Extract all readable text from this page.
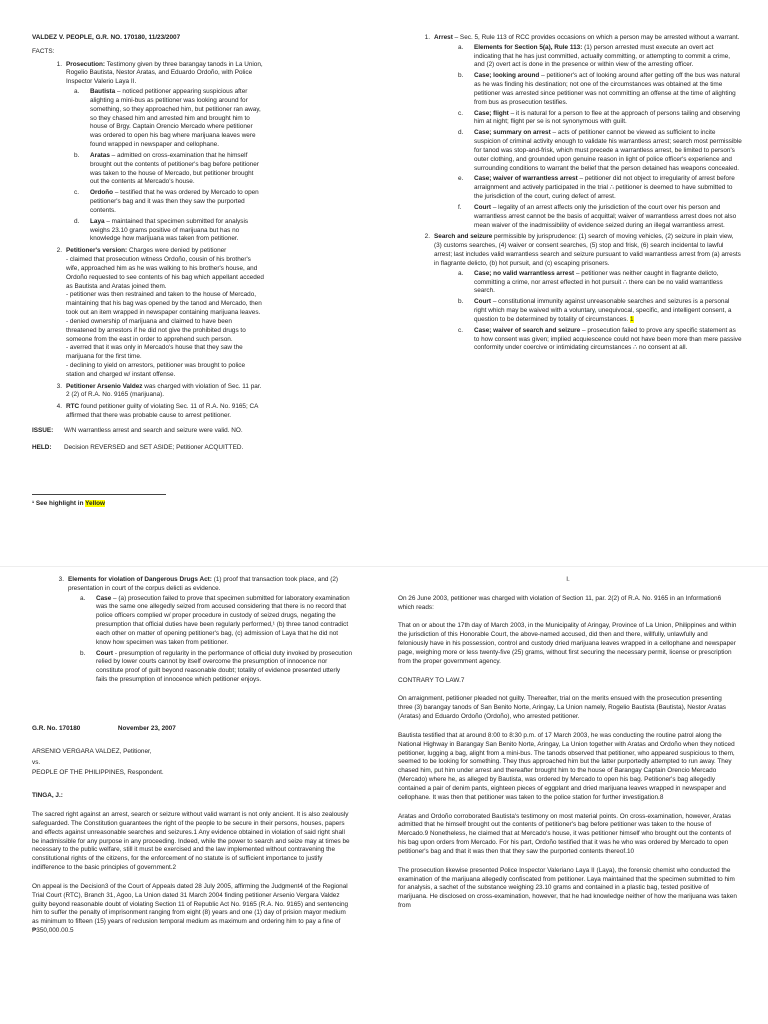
VALDEZ V. PEOPLE, G.R. NO. 170180, 11/23/2007

FACTS:

1. Prosecution: Testimony given by three barangay tanods in La Union, Rogelio Bautista, Nestor Aratas, and Eduardo Ordoño, with Police Inspector Valerio Laya II.
a. Bautista – noticed petitioner appearing suspicious after alighting a mini-bus as petitioner was looking around for something, so they approached him, but petitioner ran away, so they chased him and arrested him and brought him to house of Brgy. Captain Orencio Mercado where petitioner was ordered to open his bag where marijuana leaves were found wrapped in newspaper and cellophane.
b. Aratas – admitted on cross-examination that he himself brought out the contents of petitioner's bag before petitioner was taken to the house of Mercado, but petitioner brought out the contents at Mercado's house.
c. Ordoño – testified that he was ordered by Mercado to open petitioner's bag and it was then they saw the purported contents.
d. Laya – maintained that specimen submitted for analysis weighs 23.10 grams positive of marijuana but has no knowledge how marijuana was taken from petitioner.
2. Petitioner's version: Charges were denied by petitioner
- claimed that prosecution witness Ordoño, cousin of his brother's wife, approached him as he was walking to his brother's house, and Ordoño requested to see contents of his bag which appellant acceded as Bautista and Aratas joined them.
- petitioner was then restrained and taken to the house of Mercado, maintaining that his bag was opened by the tanod and Mercado, then took out an item wrapped in newspaper containing marijuana leaves.
- denied ownership of marijuana and claimed to have been threatened by arrestors if he did not give the prohibited drugs to someone from the east in order to apprehend such person.
- averred that it was only in Mercado's house that they saw the marijuana for the first time.
- declining to yield on arrestors, petitioner was brought to police station and charged w/ instant offense.
3. Petitioner Arsenio Valdez was charged with violation of Sec. 11 par. 2 (2) of R.A. No. 9165 (marijuana).
4. RTC found petitioner guilty of violating Sec. 11 of R.A. No. 9165; CA affirmed that there was probable cause to arrest petitioner.
ISSUE:	W/N warrantless arrest and search and seizure were valid. NO.
HELD:	Decision REVERSED and SET ASIDE; Petitioner ACQUITTED.
¹ See highlight in Yellow
1. Arrest – Sec. 5, Rule 113 of RCC provides occasions on which a person may be arrested without a warrant.
a. Elements for Section 5(a), Rule 113: (1) person arrested must execute an overt act indicating that he has just committed, actually committing, or attempting to commit a crime, and (2) overt act is done in the presence or within view of the arresting officer.
b. Case; looking around – petitioner's act of looking around after getting off the bus was natural as he was finding his destination; not one of the circumstances was obtained at the time petitioner was arrested since petitioner was not committing an offense at the time of alighting from bus as prosecution testifies.
c. Case; flight – it is natural for a person to flee at the approach of persons tailing and observing him at night; flight per se is not synonymous with guilt.
d. Case; summary on arrest – acts of petitioner cannot be viewed as sufficient to incite suspicion of criminal activity enough to validate his warrantless arrest; search most permissible for tanod was stop-and-frisk, which must precede a warrantless arrest, be limited to person's outer clothing, and grounded upon genuine reason in light of police officer's experience and surrounding conditions to warrant the belief that the person detained has weapons concealed.
e. Case; waiver of warrantless arrest – petitioner did not object to irregularity of arrest before arraignment and actively participated in the trial ∴ petitioner is deemed to have submitted to the jurisdiction of the court, curing defect of arrest.
f. Court – legality of an arrest affects only the jurisdiction of the court over his person and warrantless arrest cannot be the basis of acquittal; waiver of warrantless arrest does not also mean waiver of the inadmissibility of evidence seized during an illegal warrantless arrest.
2. Search and seizure permissible by jurisprudence: (1) search of moving vehicles, (2) seizure in plain view, (3) customs searches, (4) waiver or consent searches, (5) stop and frisk, (6) search incidental to lawful arrest; last includes valid warrantless search and seizure pursuant to valid warrantless arrest from (a) arrests in flagrante delicto, (b) hot pursuit, and (c) escaping prisoners.
a. Case; no valid warrantless arrest – petitioner was neither caught in flagrante delicto, committing a crime, nor arrest effected in hot pursuit ∴ there can be no valid warrantless search.
b. Court – constitutional immunity against unreasonable searches and seizures is a personal right which may be waived with a voluntary, unequivocal, specific, and intelligent consent, a question to be determined by totality of circumstances. 1
c. Case; waiver of search and seizure – prosecution failed to prove any specific statement as to how consent was given; implied acquiescence could not have been more than mere passive conformity under coercive or intimidating circumstances ∴ no consent at all.
3. Elements for violation of Dangerous Drugs Act: (1) proof that transaction took place, and (2) presentation in court of the corpus delicti as evidence.
a. Case – (a) prosecution failed to prove that specimen submitted for laboratory examination was the same one allegedly seized from accused considering that there is no record that police officers complied w/ proper procedure in custody of seized drugs, negating the presumption that official duties have been regularly performed,¹ (b) three tanod contradict each other on matter of opening petitioner's bag, (c) admission of Laya that he did not know how specimen was taken from petitioner.
b. Court - presumption of regularity in the performance of official duty invoked by prosecution relied by lower courts cannot by itself overcome the presumption of innocence nor constitute proof of guilt beyond reasonable doubt; totality of evidence presented utterly fails the presumption of innocence which petitioner enjoys.

G.R. No. 170180	November 23, 2007

ARSENIO VERGARA VALDEZ, Petitioner,

vs.

PEOPLE OF THE PHILIPPINES, Respondent.

TINGA, J.:

The sacred right against an arrest, search or seizure without valid warrant is not only ancient. It is also zealously safeguarded. The Constitution guarantees the right of the people to be secure in their persons, houses, papers and effects against unreasonable searches and seizures.1 Any evidence obtained in violation of said right shall be inadmissible for any purpose in any proceeding. Indeed, while the power to search and seize may at times be necessary to the public welfare, still it must be exercised and the law implemented without contravening the constitutional rights of the citizens, for the enforcement of no statute is of sufficient importance to justify indifference to the basic principles of government.2

On appeal is the Decision3 of the Court of Appeals dated 28 July 2005, affirming the Judgment4 of the Regional Trial Court (RTC), Branch 31, Agoo, La Union dated 31 March 2004 finding petitioner Arsenio Vergara Valdez guilty beyond reasonable doubt of violating Section 11 of Republic Act No. 9165 (R.A. No. 9165) and sentencing him to suffer the penalty of imprisonment ranging from eight (8) years and one (1) day of prision mayor medium as minimum to fifteen (15) years of reclusion temporal medium as maximum and ordering him to pay a fine of ₱350,000.00.5

I.

On 26 June 2003, petitioner was charged with violation of Section 11, par. 2(2) of R.A. No. 9165 in an Information6 which reads:

That on or about the 17th day of March 2003, in the Municipality of Aringay, Province of La Union, Philippines and within the jurisdiction of this Honorable Court, the above-named accused, did then and there, willfully, unlawfully and feloniously have in his possession, control and custody dried marijuana leaves wrapped in a cellophane and newspaper page, weighing more or less twenty-five (25) grams, without first securing the necessary permit, license or prescription from the proper government agency.

CONTRARY TO LAW.7

On arraignment, petitioner pleaded not guilty. Thereafter, trial on the merits ensued with the prosecution presenting three (3) barangay tanods of San Benito Norte, Aringay, La Union namely, Rogelio Bautista (Bautista), Nestor Aratas (Aratas) and Eduardo Ordoño (Ordoño), who arrested petitioner.

Bautista testified that at around 8:00 to 8:30 p.m. of 17 March 2003, he was conducting the routine patrol along the National Highway in Barangay San Benito Norte, Aringay, La Union together with Aratas and Ordoño when they noticed petitioner, lugging a bag, alight from a mini-bus. The tanods observed that petitioner, who appeared suspicious to them, seemed to be looking for something. They thus approached him but the latter purportedly attempted to run away. They chased him, put him under arrest and thereafter brought him to the house of Barangay Captain Orencio Mercado (Mercado) where he, as alleged by Bautista, was ordered by Mercado to open his bag. Petitioner's bag allegedly contained a pair of denim pants, eighteen pieces of eggplant and dried marijuana leaves wrapped in newspaper and cellophane. It was then that petitioner was taken to the police station for further investigation.8

Aratas and Ordoño corroborated Bautista's testimony on most material points. On cross-examination, however, Aratas admitted that he himself brought out the contents of petitioner's bag before petitioner was taken to the house of Mercado.9 Nonetheless, he claimed that at Mercado's house, it was petitioner himself who brought out the contents of his bag upon orders from Mercado. For his part, Ordoño testified that it was he who was ordered by Mercado to open petitioner's bag and that it was then that they saw the purported contents thereof.10

The prosecution likewise presented Police Inspector Valeriano Laya II (Laya), the forensic chemist who conducted the examination of the marijuana allegedly confiscated from petitioner. Laya maintained that the specimen submitted to him for analysis, a sachet of the substance weighing 23.10 grams and contained in a plastic bag, tested positive of marijuana. He disclosed on cross-examination, however, that he had knowledge neither of how the marijuana was taken from
